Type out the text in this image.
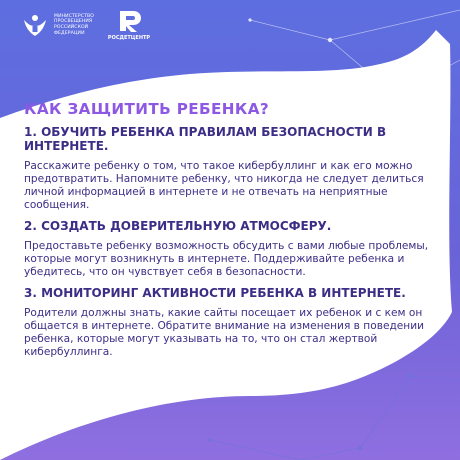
МИНИСТЕРСТВО
ПРОСВЕЩЕНИЯ
РОССИЙСКОЙ
ФЕДЕРАЦИИ
РОСДЕТЦЕНТР
КАК ЗАЩИТИТЬ РЕБЕНКА?
1. ОБУЧИТЬ РЕБЕНКА ПРАВИЛАМ БЕЗОПАСНОСТИ В ИНТЕРНЕТЕ.
Расскажите ребенку о том, что такое кибербуллинг и как его можно предотвратить. Напомните ребенку, что никогда не следует делиться личной информацией в интернете и не отвечать на неприятные сообщения.
2. СОЗДАТЬ ДОВЕРИТЕЛЬНУЮ АТМОСФЕРУ.
Предоставьте ребенку возможность обсудить с вами любые проблемы, которые могут возникнуть в интернете. Поддерживайте ребенка и убедитесь, что он чувствует себя в безопасности.
3. МОНИТОРИНГ АКТИВНОСТИ РЕБЕНКА В ИНТЕРНЕТЕ.
Родители должны знать, какие сайты посещает их ребенок и с кем он общается в интернете. Обратите внимание на изменения в поведении ребенка, которые могут указывать на то, что он стал жертвой кибербуллинга.
